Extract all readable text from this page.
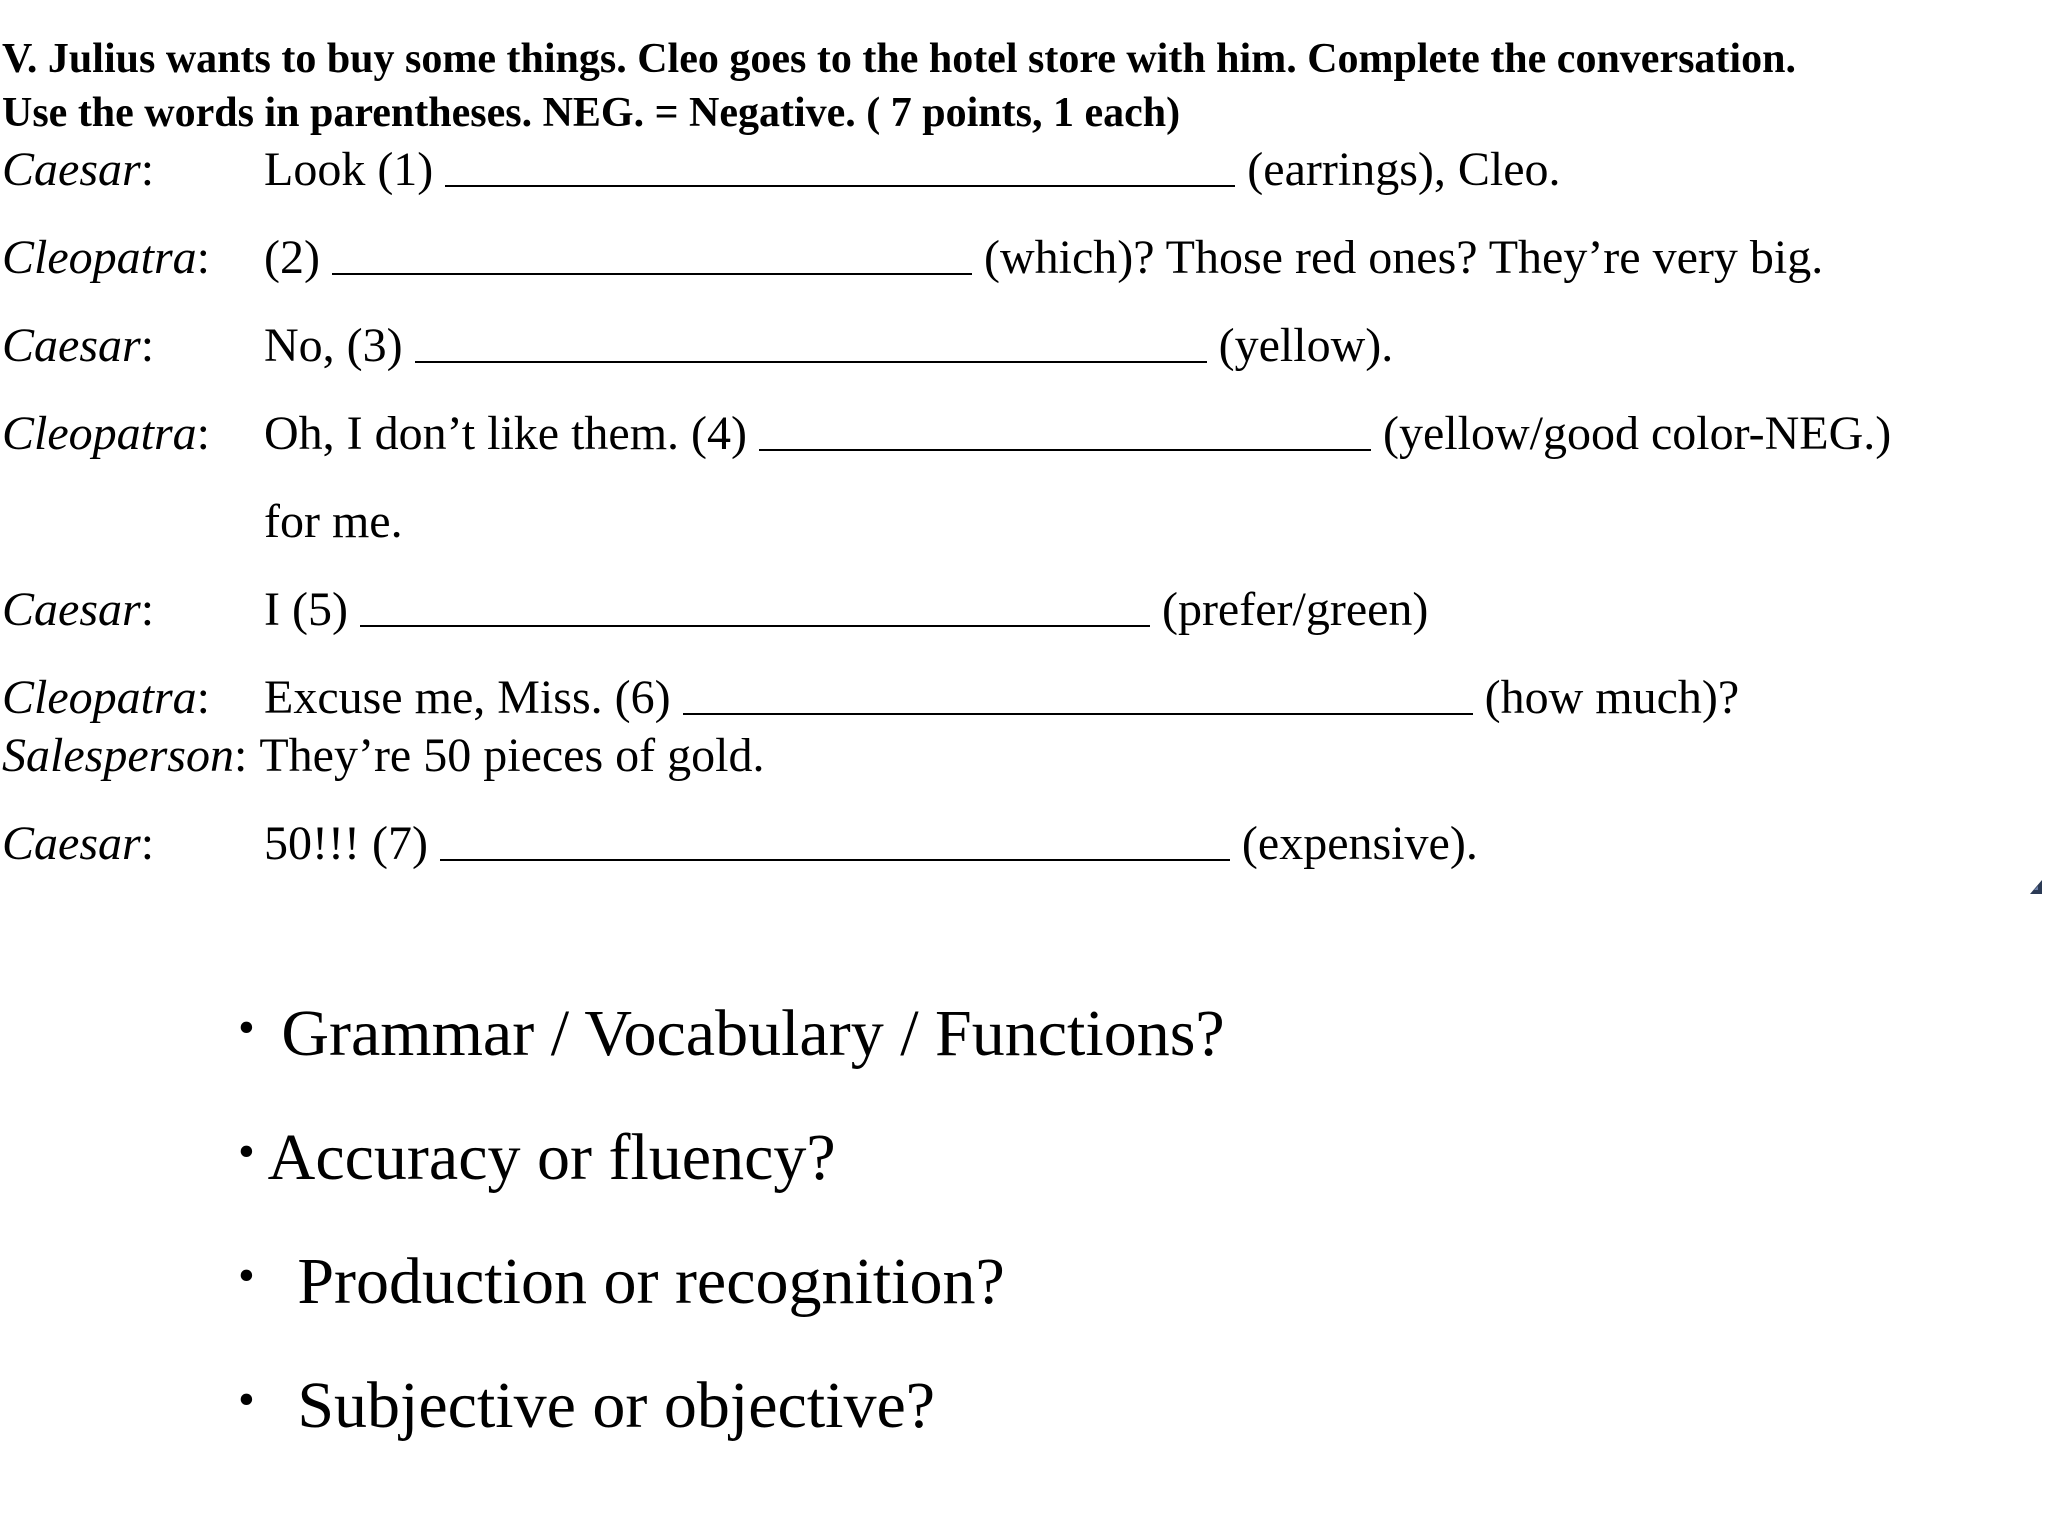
V. Julius wants to buy some things. Cleo goes to the hotel store with him. Complete the conversation.
Use the words in parentheses. NEG. = Negative. ( 7 points, 1 each)
Caesar: Look (1)	(earrings), Cleo.
Cleopatra: (2)	(which)? Those red ones? They’re very big.
Caesar: No, (3)	(yellow).
Cleopatra: Oh, I don’t like them. (4)	(yellow/good color-NEG.)
for me.
Caesar: I (5)	(prefer/green)
Cleopatra: Excuse me, Miss. (6)	(how much)?
Salesperson: They’re 50 pieces of gold.
Caesar: 50!!! (7)	(expensive).
• Grammar / Vocabulary / Functions?
• Accuracy or fluency?
• Production or recognition?
• Subjective or objective?
